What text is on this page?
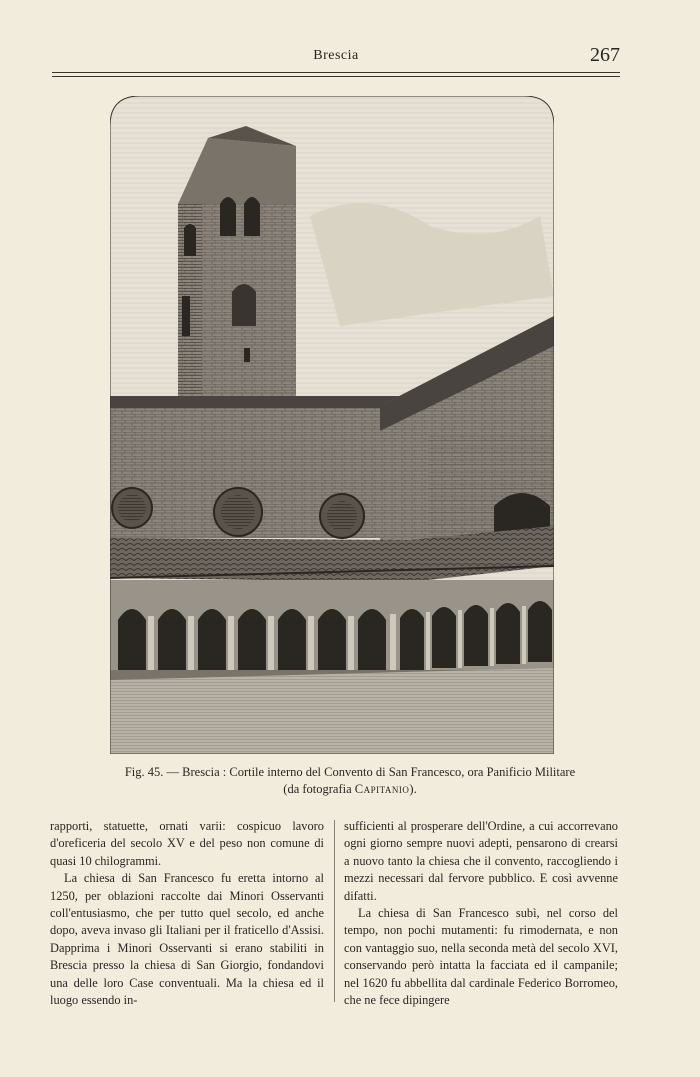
Brescia	267
Fig. 45. — Brescia : Cortile interno del Convento di San Francesco, ora Panificio Militare
(da fotografia Capitanio).

rapporti, statuette, ornati varii: cospicuo lavoro d'oreficeria del secolo XV e del peso non comune di quasi 10 chilogrammi.

La chiesa di San Francesco fu eretta intorno al 1250, per oblazioni raccolte dai Minori Osservanti coll'entusiasmo, che per tutto quel secolo, ed anche dopo, aveva invaso gli Italiani per il fraticello d'Assisi. Dapprima i Minori Osservanti si erano stabiliti in Brescia presso la chiesa di San Giorgio, fondandovi una delle loro Case conventuali. Ma la chiesa ed il luogo essendo in-

sufficienti al prosperare dell'Ordine, a cui accorrevano ogni giorno sempre nuovi adepti, pensarono di crearsi a nuovo tanto la chiesa che il convento, raccogliendo i mezzi necessari dal fervore pubblico. E così avvenne difatti.

La chiesa di San Francesco subì, nel corso del tempo, non pochi mutamenti: fu rimodernata, e non con vantaggio suo, nella seconda metà del secolo XVI, conservando però intatta la facciata ed il campanile; nel 1620 fu abbellita dal cardinale Federico Borromeo, che ne fece dipingere
